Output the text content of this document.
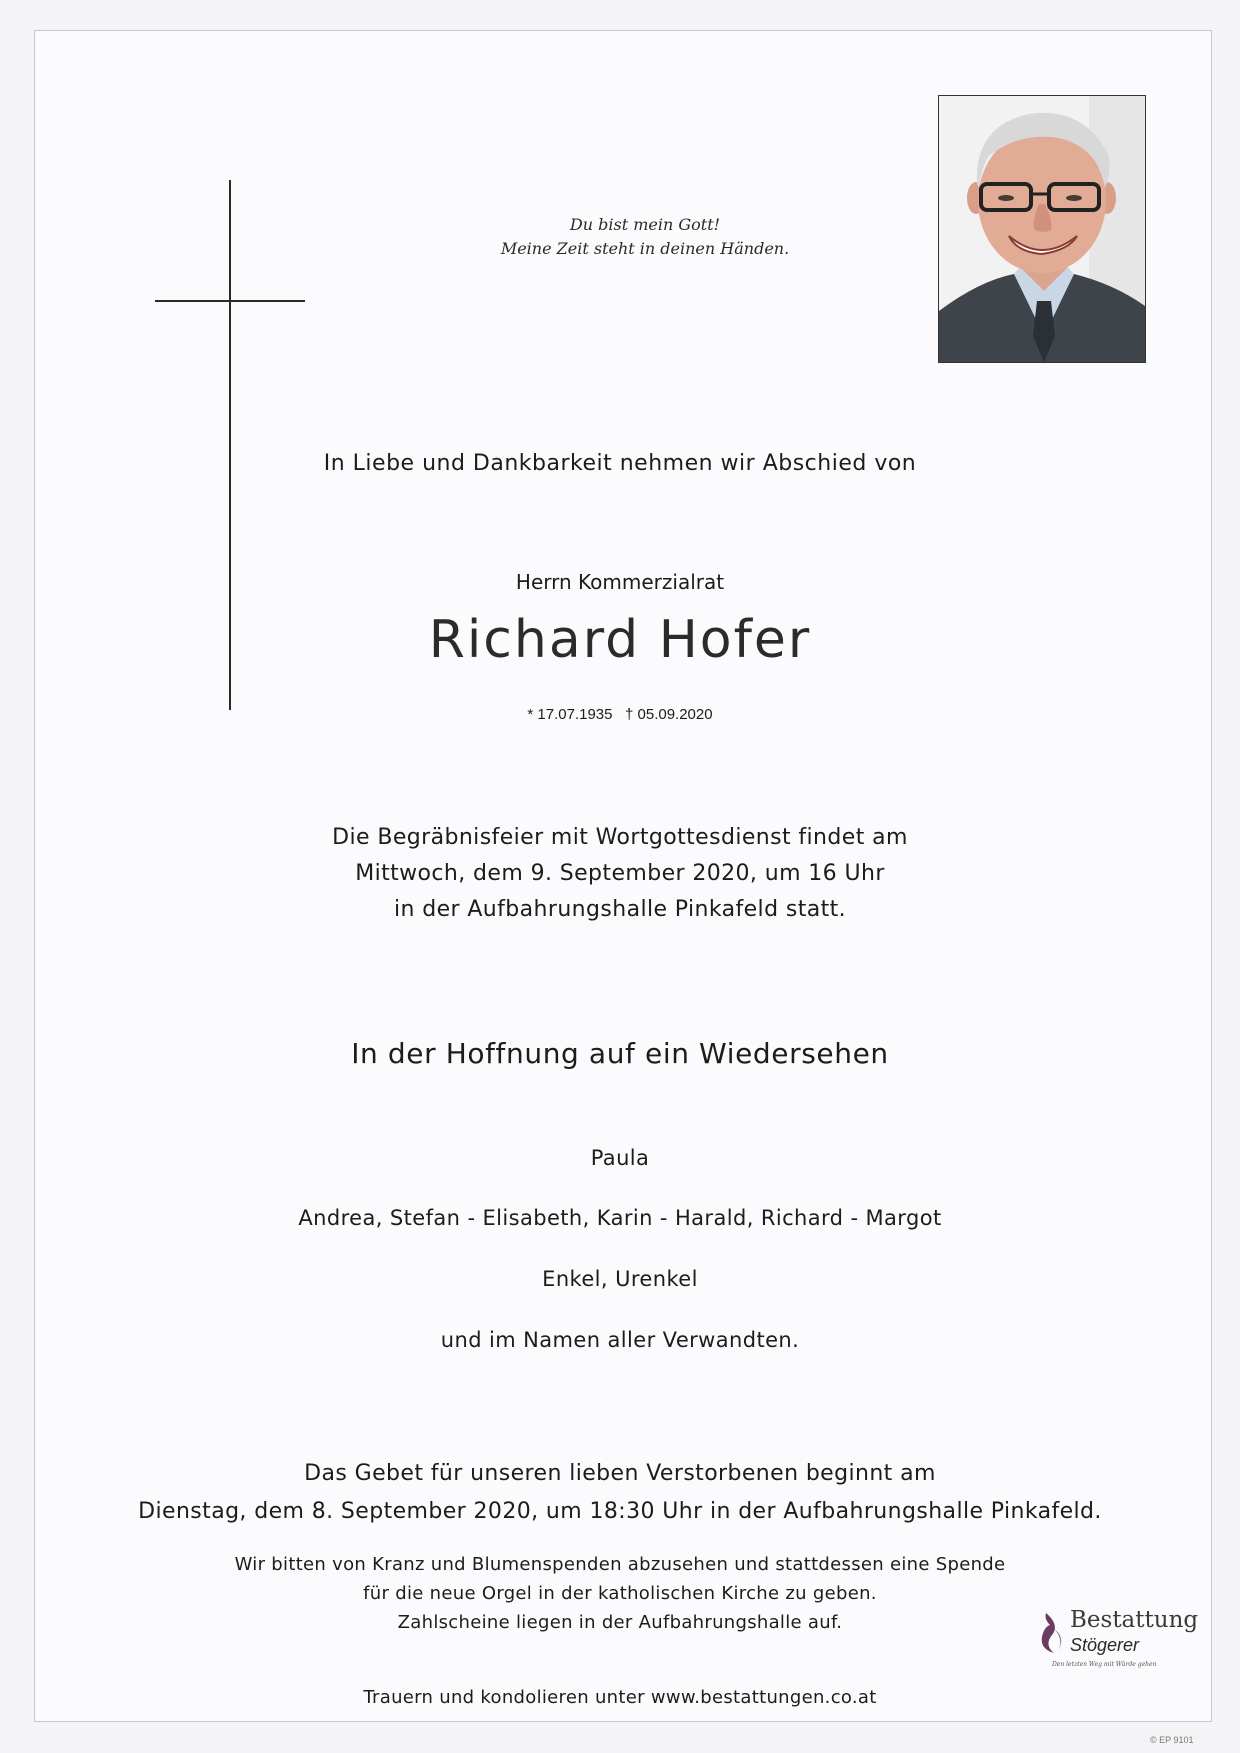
Du bist mein Gott!
Meine Zeit steht in deinen Händen.
In Liebe und Dankbarkeit nehmen wir Abschied von
Herrn Kommerzialrat
Richard Hofer
* 17.07.1935 † 05.09.2020
Die Begräbnisfeier mit Wortgottesdienst findet am
Mittwoch, dem 9. September 2020, um 16 Uhr
in der Aufbahrungshalle Pinkafeld statt.
In der Hoffnung auf ein Wiedersehen
Paula
Andrea, Stefan - Elisabeth, Karin - Harald, Richard - Margot
Enkel, Urenkel
und im Namen aller Verwandten.
Das Gebet für unseren lieben Verstorbenen beginnt am
Dienstag, dem 8. September 2020, um 18:30 Uhr in der Aufbahrungshalle Pinkafeld.
Wir bitten von Kranz und Blumenspenden abzusehen und stattdessen eine Spende
für die neue Orgel in der katholischen Kirche zu geben.
Zahlscheine liegen in der Aufbahrungshalle auf.
Trauern und kondolieren unter www.bestattungen.co.at
Bestattung
Stögerer
Den letzten Weg mit Würde gehen
© EP 9101
